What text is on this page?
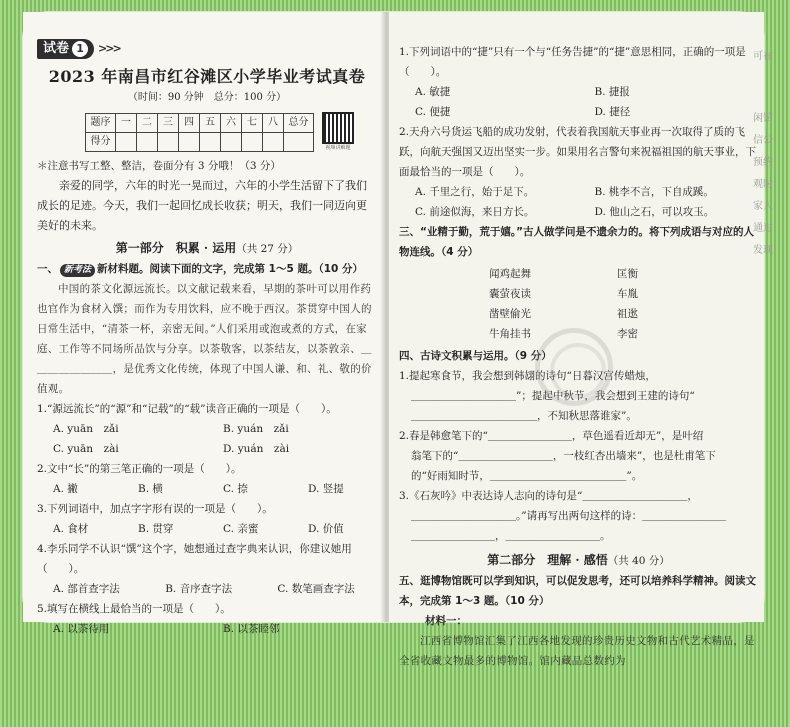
试卷 1	>>>
2023 年南昌市红谷滩区小学毕业考试真卷
（时间：90 分钟　总分：100 分）
题序	一	二	三	四	五	六	七	八	总分
得分									
视频讲解题
＊注意书写工整、整洁，卷面分有 3 分哦！（3 分）
亲爱的同学，六年的时光一晃而过，六年的小学生活留下了我们成长的足迹。今天，我们一起回忆成长收获；明天，我们一同迈向更美好的未来。
第一部分　积累 · 运用（共 27 分）
一、 新考法 新材料题。阅读下面的文字，完成第 1～5 题。（10 分）
中国的茶文化源远流长。以文献记载来看，早期的茶叶可以用作药也官作为食材入馔；而作为专用饮料，应不晚于西汉。茶贯穿中国人的日常生活中，“清茶一杯，亲密无间。”人们采用或泡或煮的方式，在家庭、工作等不同场所品饮与分享。以茶敬客，以茶结友，以茶敦亲、＿＿＿＿＿＿＿＿，是优秀文化传统，体现了中国人谦、和、礼、敬的价值观。
1.“源远流长”的“源”和“记载”的“载”读音正确的一项是（　　）。
A. yuān　zǎi	B. yuán　zǎi
C. yuān　zài	D. yuán　zài
2.文中“长”的第三笔正确的一项是（　　）。
A. 撇	B. 横	C. 捺	D. 竖提
3.下列词语中，加点字字形有误的一项是（　　）。
A. 食材	B. 贯穿	C. 亲蜜	D. 价值
4.李乐同学不认识“馔”这个字，她想通过查字典来认识，你建议她用（　　）。
A. 部首查字法	B. 音序查字法	C. 数笔画查字法
5.填写在横线上最恰当的一项是（　　）。
A. 以茶待用	B. 以茶睦邻
1.下列词语中的“捷”只有一个与“任务告捷”的“捷”意思相同，正确的一项是（　　）。
A. 敏捷	B. 捷报
C. 便捷	D. 捷径
2.天舟六号货运飞船的成功发射，代表着我国航天事业再一次取得了质的飞跃，向航天强国又迈出坚实一步。如果用名言警句来祝福祖国的航天事业，下面最恰当的一项是（　　）。
A. 千里之行，始于足下。	B. 桃李不言，下自成蹊。
C. 前途似海，来日方长。	D. 他山之石，可以攻玉。
三、“业精于勤，荒于嬉。”古人做学问是不遗余力的。将下列成语与对应的人物连线。（4 分）
闻鸡起舞	匡衡
囊萤夜读	车胤
凿壁偷光	祖逖
牛角挂书	李密
四、古诗文积累与运用。（9 分）
1.提起寒食节，我会想到韩翃的诗句“日暮汉宫传蜡烛，
＿＿＿＿＿＿＿＿＿＿”；提起中秋节，我会想到王建的诗句“
＿＿＿＿＿＿＿＿＿＿＿＿，不知秋思落谁家”。
2.春是韩愈笔下的“＿＿＿＿＿＿＿＿，草色遥看近却无”，是叶绍
翁笔下的“＿＿＿＿＿＿＿＿＿，一枝红杏出墙来”，也是杜甫笔下
的“好雨知时节，＿＿＿＿＿＿＿＿＿＿＿＿＿”。
3.《石灰吟》中表达诗人志向的诗句是“＿＿＿＿＿＿＿＿＿＿，
＿＿＿＿＿＿＿＿＿＿。”请再写出两句这样的诗：＿＿＿＿＿＿＿＿
＿＿＿＿＿＿＿＿，＿＿＿＿＿＿＿＿＿。
第二部分　理解 · 感悟（共 40 分）
五、逛博物馆既可以学到知识，可以促发思考，还可以培养科学精神。阅读文本，完成第 1～3 题。（10 分）
材料一：
江西省博物馆汇集了江西各地发现的珍贵历史文物和古代艺术精品，是全省收藏文物最多的博物馆。馆内藏品总数约为
可在
闲馆
信公
预约
观时
家人
通过
发现
